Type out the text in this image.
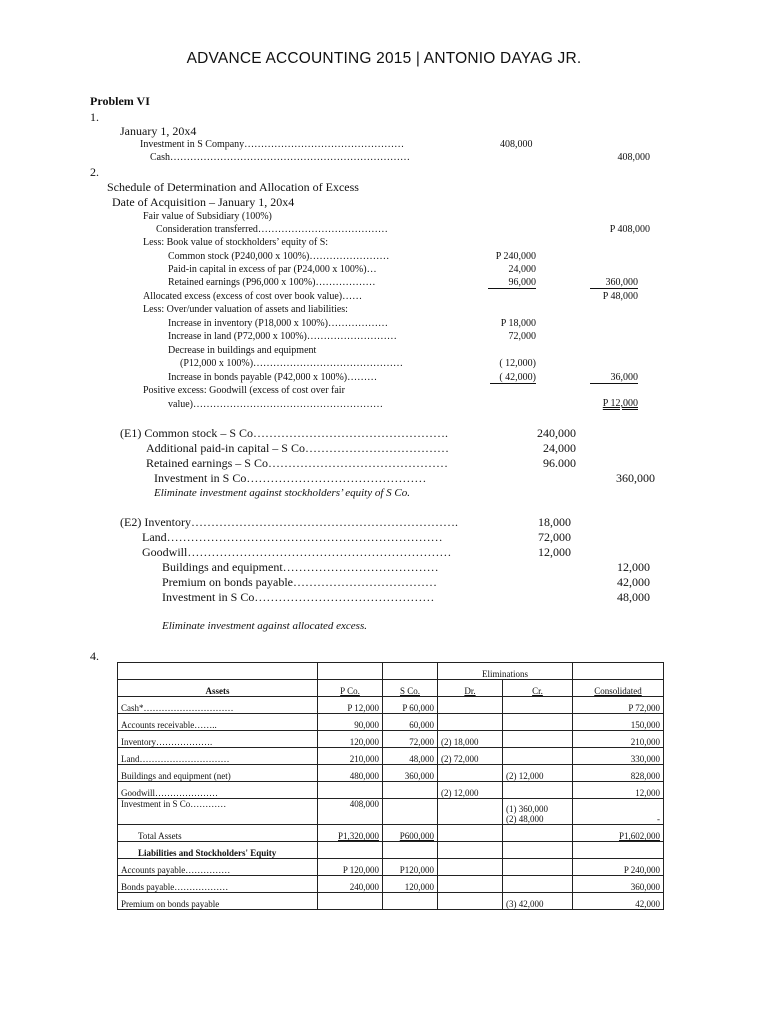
ADVANCE ACCOUNTING 2015 | ANTONIO DAYAG JR.
Problem VI
1.
January 1, 20x4
Investment in S Company…………………………………………	408,000
Cash………………………………………………………………	408,000
2.
Schedule of Determination and Allocation of Excess
Date of Acquisition – January 1, 20x4
Fair value of Subsidiary (100%)
Consideration transferred…………………………………	P 408,000
Less: Book value of stockholders’ equity of S:
Common stock (P240,000 x 100%)……………………	P 240,000
Paid-in capital in excess of par (P24,000 x 100%)…	24,000
Retained earnings (P96,000 x 100%)………………	96,000	360,000
Allocated excess (excess of cost over book value)……	P 48,000
Less: Over/under valuation of assets and liabilities:
Increase in inventory (P18,000 x 100%)………………	P 18,000
Increase in land (P72,000 x 100%)………………………	72,000
Decrease in buildings and equipment
(P12,000 x 100%)………………………………………	( 12,000)
Increase in bonds payable (P42,000 x 100%)………	( 42,000)	36,000
Positive excess: Goodwill (excess of cost over fair
value)…………………………………………………	P 12,000
(E1) Common stock – S Co………………………………………….	240,000
Additional paid-in capital – S Co………………………………	24,000
Retained earnings – S Co………………………………………	96.000
Investment in S Co………………………………………	360,000
Eliminate investment against stockholders’ equity of S Co.
(E2) Inventory………………………………………………………….	18,000
Land……………………………………………………………	72,000
Goodwill…………………………………………………………	12,000
Buildings and equipment…………………………………	12,000
Premium on bonds payable………………………………	42,000
Investment in S Co………………………………………	48,000
Eliminate investment against allocated excess.
4.
			Eliminations		
Assets	P Co.	S Co.	Dr.	Cr.	Consolidated
Cash*…………………………	P 12,000	P 60,000			P 72,000
Accounts receivable……..	90,000	60,000			150,000
Inventory……………….	120,000	72,000	(2) 18,000		210,000
Land…………………………	210,000	48,000	(2) 72,000		330,000
Buildings and equipment (net)	480,000	360,000		(2) 12,000	828,000
Goodwill…………………			(2) 12,000		12,000
Investment in S Co…………	408,000			(1) 360,000
(2) 48,000	-
Total Assets	P1,320,000	P600,000			P1,602,000
Liabilities and Stockholders' Equity					
Accounts payable……………	P 120,000	P120,000			P 240,000
Bonds payable………………	240,000	120,000			360,000
Premium on bonds payable				(3) 42,000	42,000
